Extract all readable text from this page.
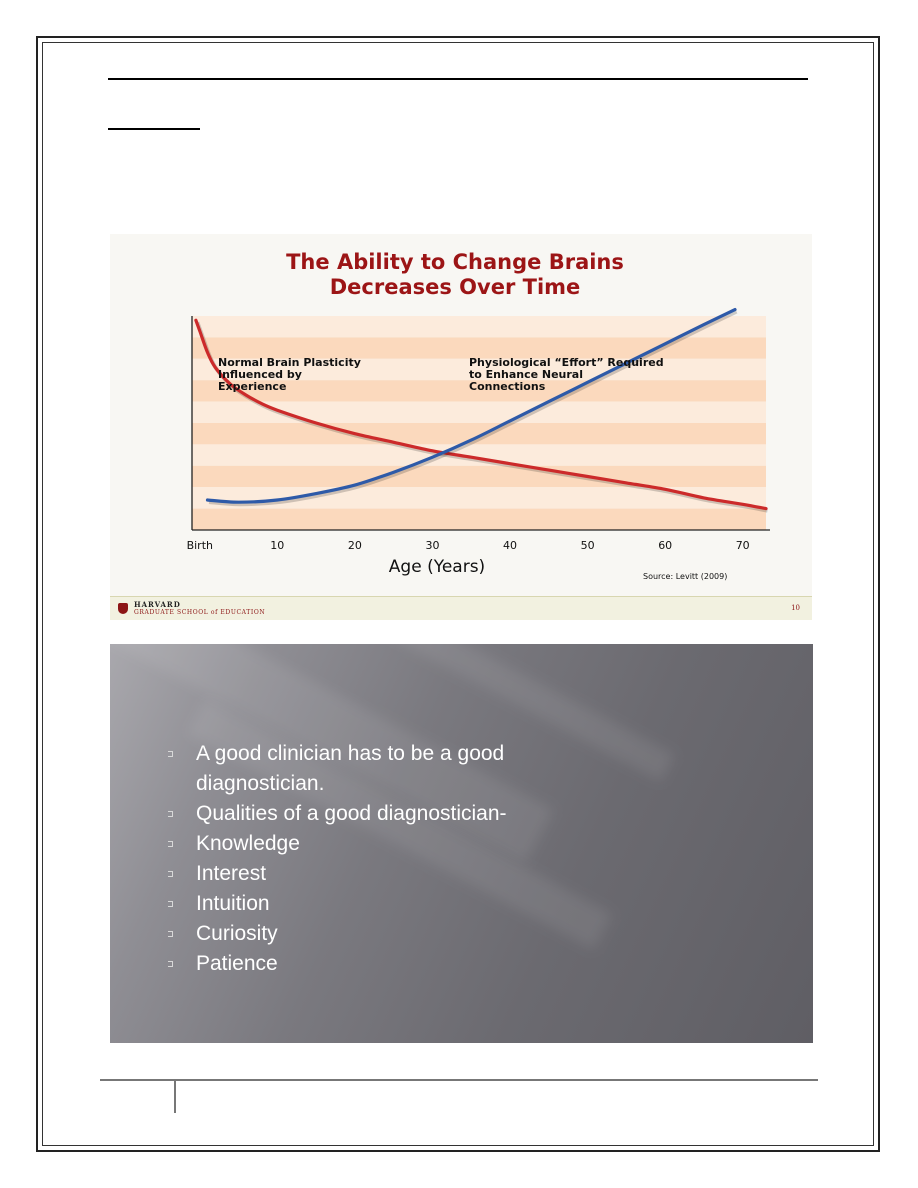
The Ability to Change Brains
Decreases Over Time
Normal Brain Plasticity
Influenced by
Experience
Physiological “Effort” Required
to Enhance Neural
Connections
Birth	10	20	30	40	50	60	70
Age (Years)	Source: Levitt (2009)
HARVARD
GRADUATE SCHOOL of EDUCATION
10
A good clinician has to be a good diagnostician.
Qualities of a good diagnostician-
Knowledge
Interest
Intuition
Curiosity
Patience
